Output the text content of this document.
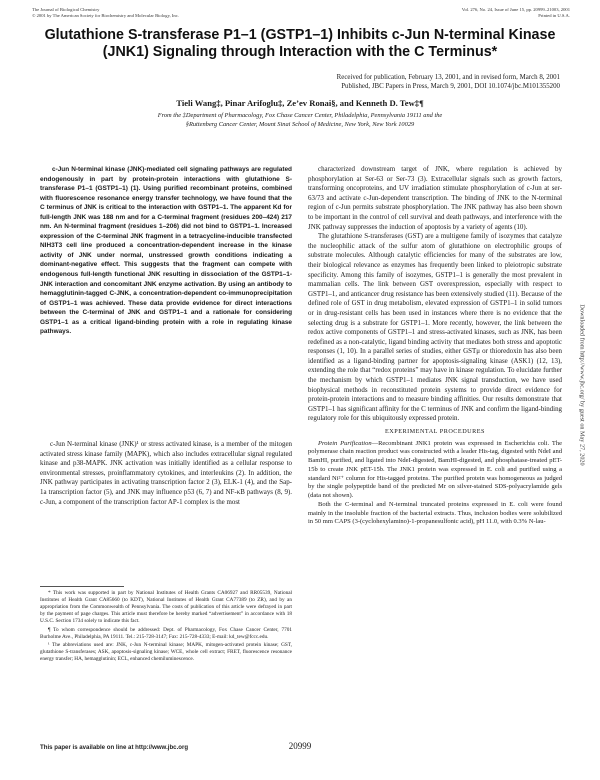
The Journal of Biological Chemistry
© 2001 by The American Society for Biochemistry and Molecular Biology, Inc.
Vol. 276, No. 24, Issue of June 15, pp. 20999–21003, 2001
Printed in U.S.A.
Glutathione S-transferase P1–1 (GSTP1–1) Inhibits c-Jun N-terminal Kinase (JNK1) Signaling through Interaction with the C Terminus*
Received for publication, February 13, 2001, and in revised form, March 8, 2001
Published, JBC Papers in Press, March 9, 2001, DOI 10.1074/jbc.M101355200
Tieli Wang‡, Pinar Arifoglu‡, Ze’ev Ronai§, and Kenneth D. Tew‡¶
From the ‡Department of Pharmacology, Fox Chase Cancer Center, Philadelphia, Pennsylvania 19111 and the
§Ruttenberg Cancer Center, Mount Sinai School of Medicine, New York, New York 10029

c-Jun N-terminal kinase (JNK)-mediated cell signaling pathways are regulated endogenously in part by protein-protein interactions with glutathione S-transferase P1–1 (GSTP1–1) (1). Using purified recombinant proteins, combined with fluorescence resonance energy transfer technology, we have found that the C terminus of JNK is critical to the interaction with GSTP1–1. The apparent Kd for full-length JNK was 188 nm and for a C-terminal fragment (residues 200–424) 217 nm. An N-terminal fragment (residues 1–206) did not bind to GSTP1–1. Increased expression of the C-terminal JNK fragment in a tetracycline-inducible transfected NIH3T3 cell line produced a concentration-dependent increase in the kinase activity of JNK under normal, unstressed growth conditions indicating a dominant-negative effect. This suggests that the fragment can compete with endogenous full-length functional JNK resulting in dissociation of the GSTP1–1-JNK interaction and concomitant JNK enzyme activation. By using an antibody to hemagglutinin-tagged C-JNK, a concentration-dependent co-immunoprecipitation of GSTP1–1 was achieved. These data provide evidence for direct interactions between the C-terminal of JNK and GSTP1–1 and a rationale for considering GSTP1–1 as a critical ligand-binding protein with a role in regulating kinase pathways.

c-Jun N-terminal kinase (JNK)¹ or stress activated kinase, is a member of the mitogen activated stress kinase family (MAPK), which also includes extracellular signal regulated kinase and p38-MAPK. JNK activation was initially identified as a cellular response to environmental stresses, proinflammatory cytokines, and interleukins (2). In addition, the JNK pathway participates in activating transcription factor 2 (3), ELK-1 (4), and the Sap-1a transcription factor (5), and JNK may influence p53 (6, 7) and NF-κB pathways (8, 9). c-Jun, a component of the transcription factor AP-1 complex is the most

* This work was supported in part by National Institutes of Health Grants CA06927 and RR05539, National Institutes of Health Grant CA85660 (to KDT), National Institutes of Health Grant CA77389 (to ZR), and by an appropriation from the Commonwealth of Pennsylvania. The costs of publication of this article were defrayed in part by the payment of page charges. This article must therefore be hereby marked “advertisement” in accordance with 18 U.S.C. Section 1734 solely to indicate this fact.

¶ To whom correspondence should be addressed: Dept. of Pharmacology, Fox Chase Cancer Center, 7701 Burholme Ave., Philadelphia, PA 19111. Tel.: 215-728-3147; Fax: 215-728-4333; E-mail: kd_tew@fccc.edu.

¹ The abbreviations used are: JNK, c-Jun N-terminal kinase; MAPK, mitogen-activated protein kinase; GST, glutathione S-transferases; ASK, apoptosis-signaling kinase; WCE, whole cell extract; FRET, fluorescence resonance energy transfer; HA, hemagglutinin; ECL, enhanced chemiluminescence.

characterized downstream target of JNK, where regulation is achieved by phosphorylation at Ser-63 or Ser-73 (3). Extracellular signals such as growth factors, transforming oncoproteins, and UV irradiation stimulate phosphorylation of c-Jun at ser-63/73 and activate c-Jun-dependent transcription. The binding of JNK to the N-terminal region of c-Jun permits substrate phosphorylation. The JNK pathway has also been shown to be important in the control of cell survival and death pathways, and interference with the JNK pathway suppresses the induction of apoptosis by a variety of agents (10).

The glutathione S-transferases (GST) are a multigene family of isozymes that catalyze the nucleophilic attack of the sulfur atom of glutathione on electrophilic groups of substrate molecules. Although catalytic efficiencies for many of the substrates are low, their biological relevance as enzymes has frequently been linked to pleiotropic substrate specificity. Among this family of isozymes, GSTP1–1 is generally the most prevalent in mammalian cells. The link between GST overexpression, especially with respect to GSTP1–1, and anticancer drug resistance has been extensively studied (11). Because of the defined role of GST in drug metabolism, elevated expression of GSTP1–1 in solid tumors or in drug-resistant cells has been used in instances where there is no evidence that the selecting drug is a substrate for GSTP1–1. More recently, however, the link between the redox active components of GSTP1–1 and stress-activated kinases, such as JNK, has been redefined as a non-catalytic, ligand binding activity that mediates both stress and apoptotic responses (1, 10). In a parallel series of studies, either GSTμ or thioredoxin has also been identified as a ligand-binding partner for apoptosis-signaling kinase (ASK1) (12, 13), extending the role that “redox proteins” may have in kinase regulation. To elucidate further the mechanism by which GSTP1–1 mediates JNK signal transduction, we have used biophysical methods in reconstituted protein systems to provide direct evidence for protein-protein interactions and to measure binding affinities. Our results demonstrate that GSTP1–1 has significant affinity for the C terminus of JNK and confirm the ligand-binding regulatory role for this ubiquitously expressed protein.

EXPERIMENTAL PROCEDURES

Protein Purification—Recombinant JNK1 protein was expressed in Escherichia coli. The polymerase chain reaction product was constructed with a leader His-tag, digested with NdeI and BamHI, purified, and ligated into NdeI-digested, BamHI-digested, and phosphatase-treated pET-15b to create JNK pET-15b. The JNK1 protein was expressed in E. coli and purified using a standard Ni²⁺ column for His-tagged proteins. The purified protein was homogeneous as judged by the single polypeptide band of the predicted Mr on silver-stained SDS-polyacrylamide gels (data not shown).

Both the C-terminal and N-terminal truncated proteins expressed in E. coli were found mainly in the insoluble fraction of the bacterial extracts. Thus, inclusion bodies were solubilized in 50 mm CAPS (3-(cyclohexylamino)-1-propanesulfonic acid), pH 11.0, with 0.3% N-lau-

Downloaded from http://www.jbc.org/ by guest on May 27, 2020
This paper is available on line at http://www.jbc.org	20999
